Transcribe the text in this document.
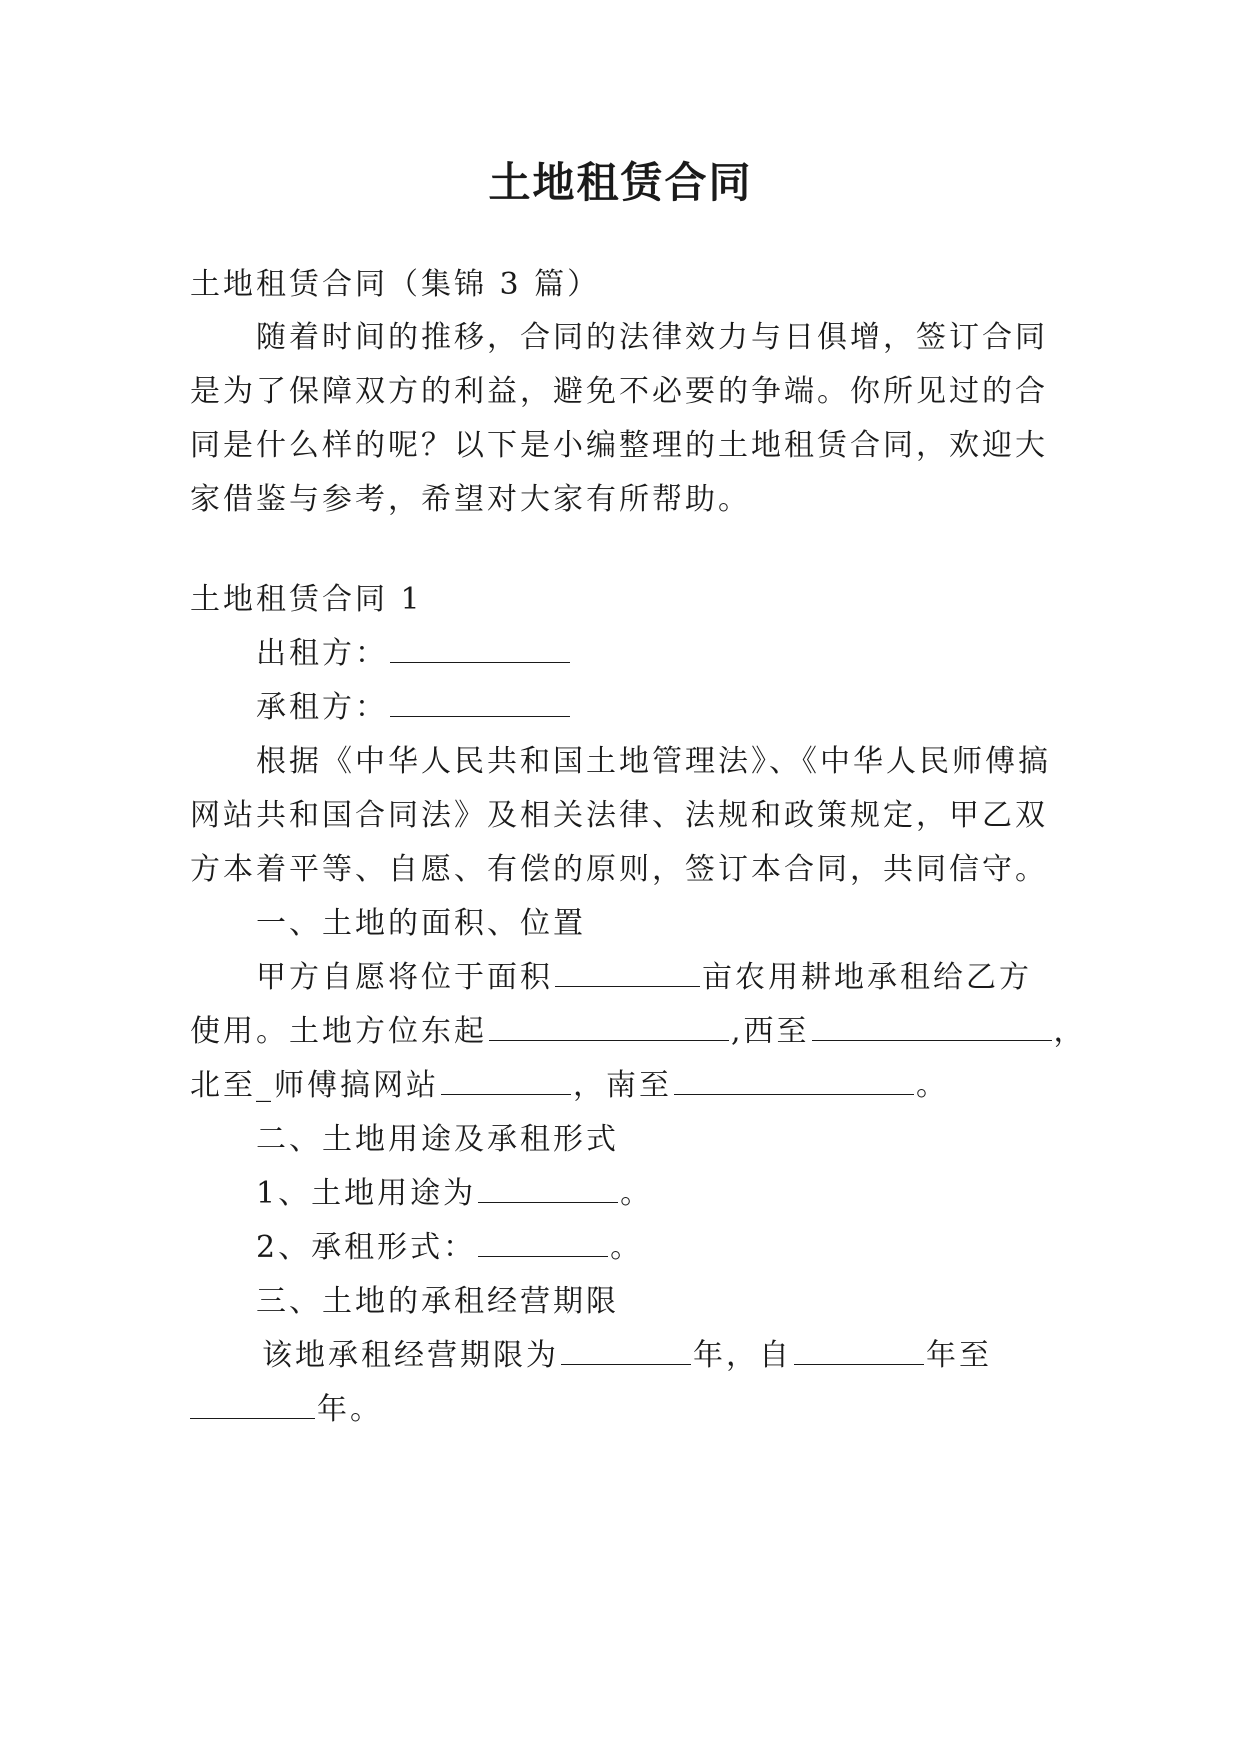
土地租赁合同
土地租赁合同（集锦 3 篇）
随着时间的推移，合同的法律效力与日俱增，签订合同
是为了保障双方的利益，避免不必要的争端。你所见过的合
同是什么样的呢？以下是小编整理的土地租赁合同，欢迎大
家借鉴与参考，希望对大家有所帮助。
土地租赁合同 1
出租方：
承租方：
根据《中华人民共和国土地管理法》、《中华人民师傅搞
网站共和国合同法》及相关法律、法规和政策规定，甲乙双
方本着平等、自愿、有偿的原则，签订本合同，共同信守。
一、土地的面积、位置
甲方自愿将位于面积	亩农用耕地承租给乙方
使用。土地方位东起	,西至	，
北至_师傅搞网站	，南至	。
二、土地用途及承租形式
1、土地用途为	。
2、承租形式：	。
三、土地的承租经营期限
该地承租经营期限为	年，自	年至
年。
